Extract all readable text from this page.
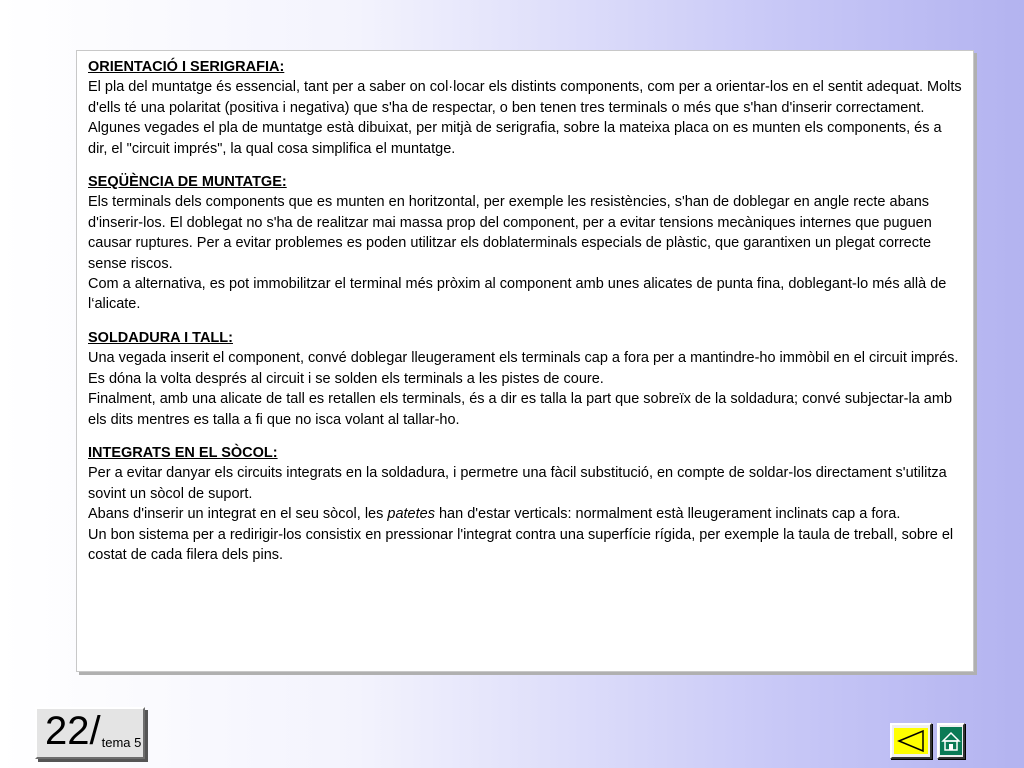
ORIENTACIÓ I SERIGRAFIA:

El pla del muntatge és essencial, tant per a saber on col·locar els distints components, com per a orientar-los en el sentit adequat. Molts d'ells té una polaritat (positiva i negativa) que s'ha de respectar, o ben tenen tres terminals o més que s'han d'inserir correctament. Algunes vegades el pla de muntatge està dibuixat, per mitjà de serigrafia, sobre la mateixa placa on es munten els components, és a dir, el "circuit imprés", la qual cosa simplifica el muntatge.

SEQÜÈNCIA DE MUNTATGE:

Els terminals dels components que es munten en horitzontal, per exemple les resistències, s'han de doblegar en angle recte abans d'inserir-los. El doblegat no s'ha de realitzar mai massa prop del component, per a evitar tensions mecàniques internes que puguen causar ruptures. Per a evitar problemes es poden utilitzar els doblaterminals especials de plàstic, que garantixen un plegat correcte sense riscos.

Com a alternativa, es pot immobilitzar el terminal més pròxim al component amb unes alicates de punta fina, doblegant-lo més allà de l‘alicate.

SOLDADURA I TALL:

Una vegada inserit el component, convé doblegar lleugerament els terminals cap a fora per a mantindre-ho immòbil en el circuit imprés.

Es dóna la volta després al circuit i se solden els terminals a les pistes de coure.

Finalment, amb una alicate de tall es retallen els terminals, és a dir es talla la part que sobreïx de la soldadura; convé subjectar-la amb els dits mentres es talla a fi que no isca volant al tallar-ho.

INTEGRATS EN EL SÒCOL:

Per a evitar danyar els circuits integrats en la soldadura, i permetre una fàcil substitució, en compte de soldar-los directament s'utilitza sovint un sòcol de suport.

Abans d'inserir un integrat en el seu sòcol, les patetes han d'estar verticals: normalment està lleugerament inclinats cap a fora.

Un bon sistema per a redirigir-los consistix en pressionar l'integrat contra una superfície rígida, per exemple la taula de treball, sobre el costat de cada filera dels pins.

22/ tema 5
